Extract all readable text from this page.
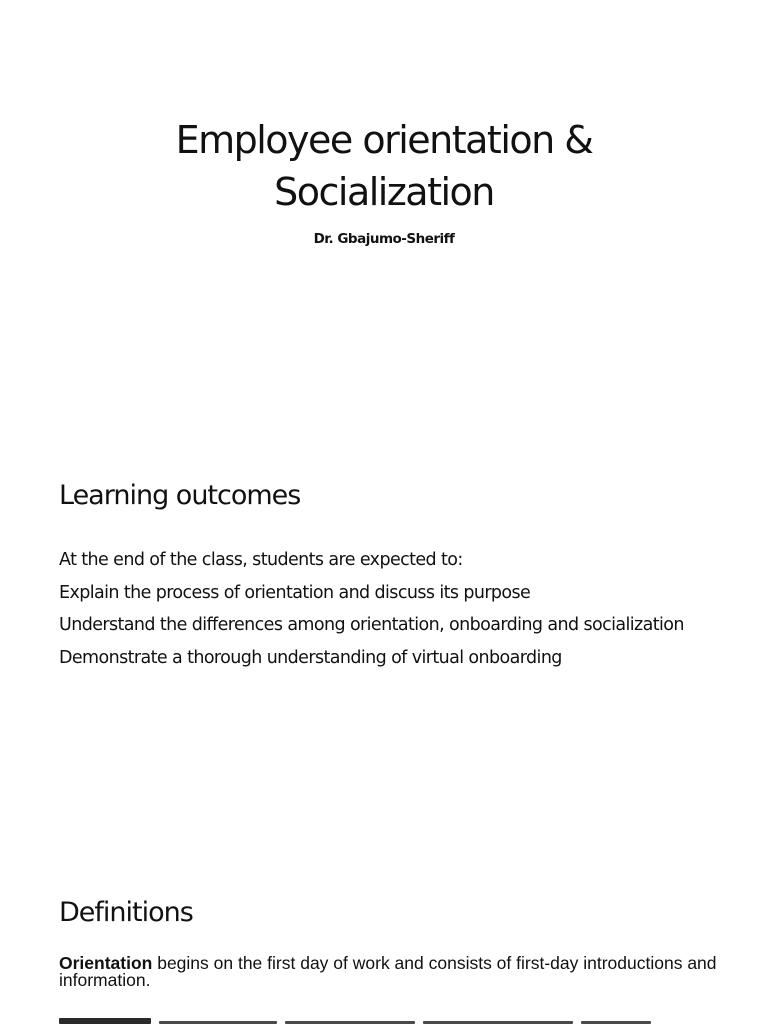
Employee orientation &
Socialization
Dr. Gbajumo-Sheriff
Learning outcomes
At the end of the class, students are expected to:
Explain the process of orientation and discuss its purpose
Understand the differences among orientation, onboarding and socialization
Demonstrate a thorough understanding of virtual onboarding
Definitions
Orientation begins on the first day of work and consists of first-day introductions and information.
